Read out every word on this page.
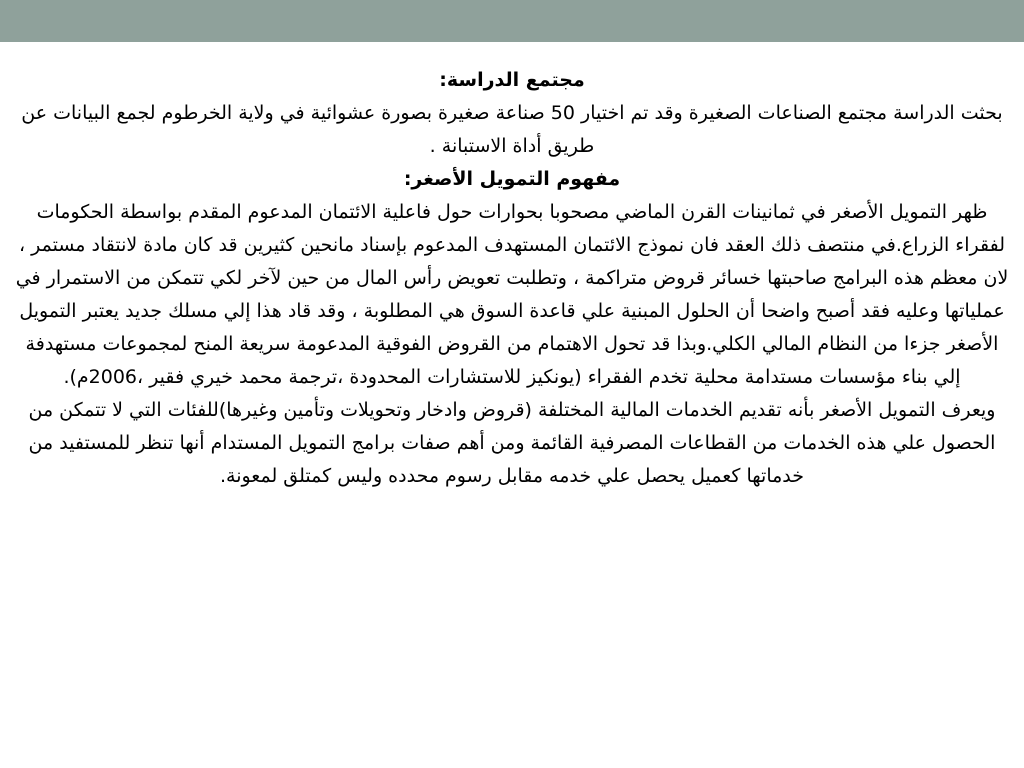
مجتمع الدراسة:

بحثت الدراسة مجتمع الصناعات الصغيرة وقد تم اختيار 50 صناعة صغيرة بصورة عشوائية في ولاية الخرطوم لجمع البيانات عن طريق أداة الاستبانة .

مفهوم التمويل الأصغر:

ظهر التمويل الأصغر في ثمانينات القرن الماضي مصحوبا بحوارات حول فاعلية الائتمان المدعوم المقدم بواسطة الحكومات لفقراء الزراع.في منتصف ذلك العقد فان نموذج الائتمان المستهدف المدعوم بإسناد مانحين كثيرين قد كان مادة لانتقاد مستمر ، لان معظم هذه البرامج صاحبتها خسائر قروض متراكمة ، وتطلبت تعويض رأس المال من حين لآخر لكي تتمكن من الاستمرار في عملياتها وعليه فقد أصبح واضحا أن الحلول المبنية علي قاعدة السوق هي المطلوبة ، وقد قاد هذا إلي مسلك جديد يعتبر التمويل الأصغر جزءا من النظام المالي الكلي.وبذا قد تحول الاهتمام من القروض الفوقية المدعومة سريعة المنح لمجموعات مستهدفة إلي بناء مؤسسات مستدامة محلية تخدم الفقراء (يونكيز للاستشارات المحدودة ،ترجمة محمد خيري فقير ،2006م).

ويعرف التمويل الأصغر بأنه تقديم الخدمات المالية المختلفة (قروض وادخار وتحويلات وتأمين وغيرها)للفئات التي لا تتمكن من الحصول علي هذه الخدمات من القطاعات المصرفية القائمة ومن أهم صفات برامج التمويل المستدام أنها تنظر للمستفيد من خدماتها كعميل يحصل علي خدمه مقابل رسوم محدده وليس كمتلق لمعونة.
